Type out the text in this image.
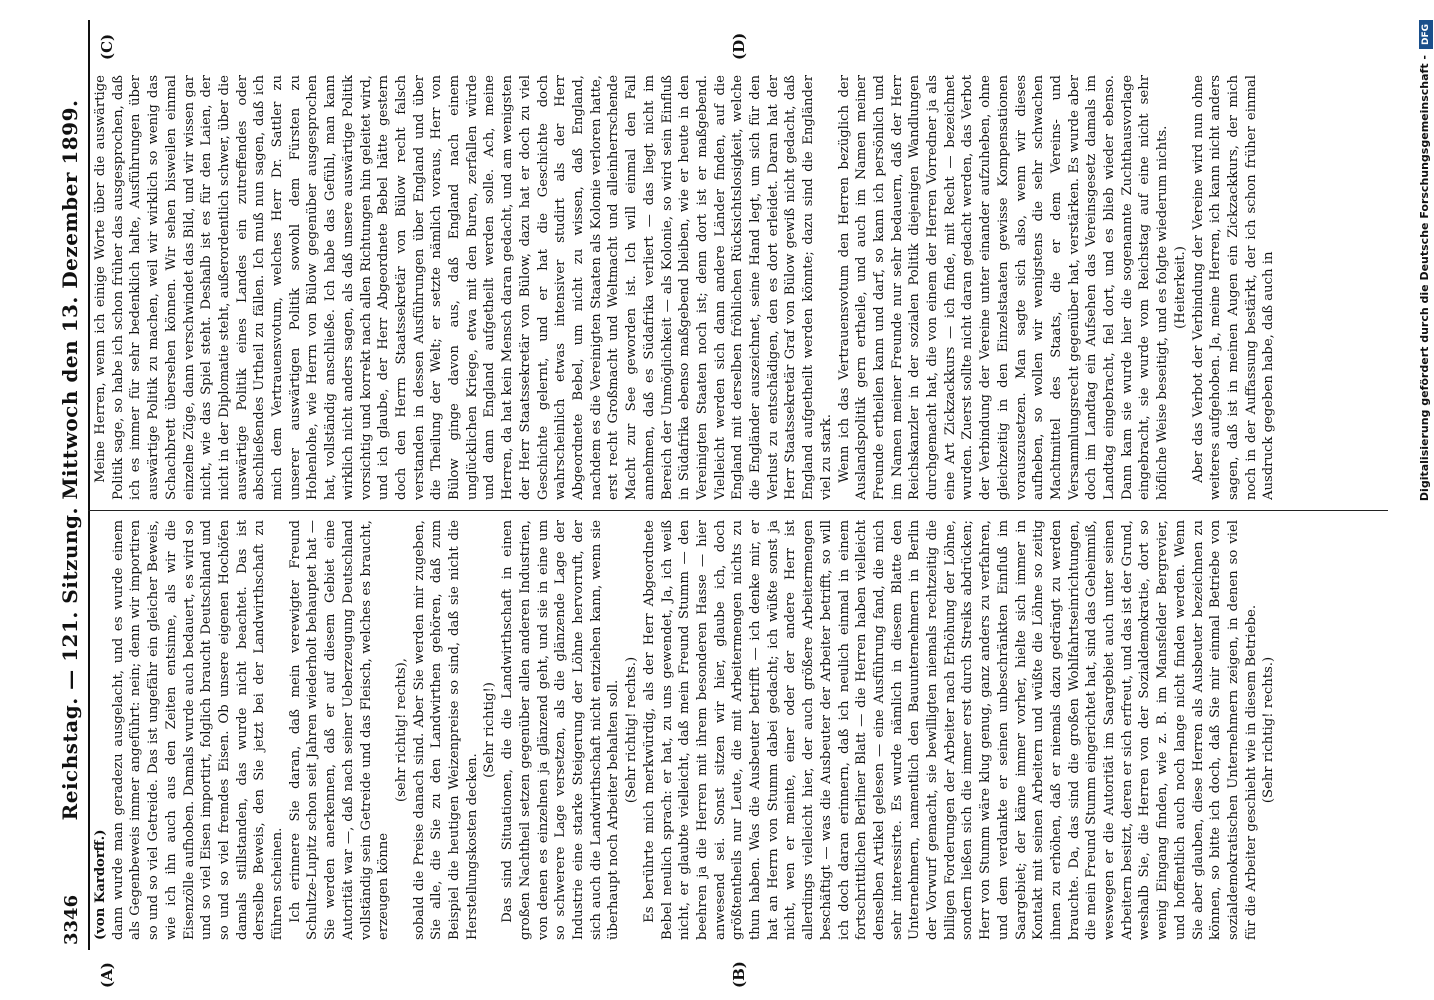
3346
Reichstag. — 121. Sitzung. Mittwoch den 13. Dezember 1899.
(A)	(B)
(C)	(D)

(von Kardorff.) dann wurde man geradezu ausgelacht, und es wurde einem als Gegenbeweis immer angeführt: nein; denn wir importiren so und so viel Getreide. Das ist ungefähr ein gleicher Beweis, wie ich ihn auch aus den Zeiten entsinne, als wir die Eisenzölle aufhoben. Damals wurde auch bedauert, es wird so und so viel Eisen importirt, folglich braucht Deutschland und so und so viel fremdes Eisen. Ob unsere eigenen Hochöfen damals stillstanden, das wurde nicht beachtet. Das ist derselbe Beweis, den Sie jetzt bei der Landwirthschaft zu führen scheinen. Ich erinnere Sie daran, daß mein verewigter Freund Schultze-Lupitz schon seit Jahren wiederholt behauptet hat — Sie werden anerkennen, daß er auf diesem Gebiet eine Autorität war —, daß nach seiner Ueberzeugung Deutschland vollständig sein Getreide und das Fleisch, welches es braucht, erzeugen könne

(sehr richtig! rechts), sobald die Preise danach sind. Aber Sie werden mir zugeben, Sie alle, die Sie zu den Landwirthen gehören, daß zum Beispiel die heutigen Weizenpreise so sind, daß sie nicht die Herstellungskosten decken.

(Sehr richtig!) Das sind Situationen, die die Landwirthschaft in einen großen Nachtheil setzen gegenüber allen anderen Industrien, von denen es einzelnen ja glänzend geht, und sie in eine um so schwerere Lage versetzen, als die glänzende Lage der Industrie eine starke Steigerung der Löhne hervorruft, der sich auch die Landwirthschaft nicht entziehen kann, wenn sie überhaupt noch Arbeiter behalten soll. (Sehr richtig! rechts.) Es berührte mich merkwürdig, als der Herr Abgeordnete Bebel neulich sprach: er hat, zu uns gewendet, Ja, ich weiß nicht, er glaubte vielleicht, daß mein Freund Stumm — den beehren ja die Herren mit ihrem besonderen Hasse — hier anwesend sei. Sonst sitzen wir hier, glaube ich, doch größtentheils nur Leute, die mit Arbeitermengen nichts zu thun haben. Was die Ausbeuter betrifft — ich denke mir, er hat an Herrn von Stumm dabei gedacht; ich wüßte sonst ja nicht, wen er meinte, einer oder der andere Herr ist allerdings vielleicht hier, der auch größere Arbeitermengen beschäftigt — was die Ausbeuter der Arbeiter betrifft, so will ich doch daran erinnern, daß ich neulich einmal in einem fortschrittlichen Berliner Blatt — die Herren haben vielleicht denselben Artikel gelesen — eine Ausführung fand, die mich sehr interessirte. Es wurde nämlich in diesem Blatte den Unternehmern, namentlich den Bauunternehmern in Berlin der Vorwurf gemacht, sie bewilligten niemals rechtzeitig die billigen Forderungen der Arbeiter nach Erhöhung der Löhne, sondern ließen sich die immer erst durch Streiks abdrücken; Herr von Stumm wäre klug genug, ganz anders zu verfahren, und dem verdankte er seinen unbeschränkten Einfluß im Saargebiet; der käme immer vorher, hielte sich immer in Kontakt mit seinen Arbeitern und wüßte die Löhne so zeitig ihnen zu erhöhen, daß er niemals dazu gedrängt zu werden brauchte. Da, das sind die großen Wohlfahrtseinrichtungen, die mein Freund Stumm eingerichtet hat, sind das Geheimniß, weswegen er die Autorität im Saargebiet auch unter seinen Arbeitern besitzt, deren er sich erfreut, und das ist der Grund, weshalb Sie, die Herren von der Sozialdemokratie, dort so wenig Eingang finden, wie z. B. im Mansfelder Bergrevier, und hoffentlich auch noch lange nicht finden werden. Wenn Sie aber glauben, diese Herren als Ausbeuter bezeichnen zu können, so bitte ich doch, daß Sie mir einmal Betriebe von sozialdemokratischen Unternehmern zeigen, in denen so viel für die Arbeiter geschieht wie in diesem Betriebe. (Sehr richtig! rechts.)

Meine Herren, wenn ich einige Worte über die auswärtige Politik sage, so habe ich schon früher das ausgesprochen, daß ich es immer für sehr bedenklich halte, Ausführungen über auswärtige Politik zu machen, weil wir wirklich so wenig das Schachbrett übersehen können. Wir sehen bisweilen einmal einzelne Züge, dann verschwindet das Bild, und wir wissen gar nicht, wie das Spiel steht. Deshalb ist es für den Laien, der nicht in der Diplomatie steht, außerordentlich schwer, über die auswärtige Politik eines Landes ein zutreffendes oder abschließendes Urtheil zu fällen. Ich muß nun sagen, daß ich mich dem Vertrauensvotum, welches Herr Dr. Sattler zu unserer auswärtigen Politik sowohl dem Fürsten zu Hohenlohe, wie Herrn von Bülow gegenüber ausgesprochen hat, vollständig anschließe. Ich habe das Gefühl, man kann wirklich nicht anders sagen, als daß unsere auswärtige Politik vorsichtig und korrekt nach allen Richtungen hin geleitet wird, und ich glaube, der Herr Abgeordnete Bebel hätte gestern doch den Herrn Staatssekretär von Bülow recht falsch verstanden in dessen Ausführungen über England und über die Theilung der Welt; er setzte nämlich voraus, Herr von Bülow ginge davon aus, daß England nach einem unglücklichen Kriege, etwa mit den Buren, zerfallen würde und dann England aufgetheilt werden solle. Ach, meine Herren, da hat kein Mensch daran gedacht, und am wenigsten der Herr Staatssekretär von Bülow, dazu hat er doch zu viel Geschichte gelernt, und er hat die Geschichte doch wahrscheinlich etwas intensiver studirt als der Herr Abgeordnete Bebel, um nicht zu wissen, daß England, nachdem es die Vereinigten Staaten als Kolonie verloren hatte, erst recht Großmacht und Weltmacht und alleinherrschende Macht zur See geworden ist. Ich will einmal den Fall annehmen, daß es Südafrika verliert — das liegt nicht im Bereich der Unmöglichkeit — als Kolonie, so wird sein Einfluß in Südafrika ebenso maßgebend bleiben, wie er heute in den Vereinigten Staaten noch ist; denn dort ist er maßgebend. Vielleicht werden sich dann andere Länder finden, auf die England mit derselben fröhlichen Rücksichtslosigkeit, welche die Engländer auszeichnet, seine Hand legt, um sich für den Verlust zu entschädigen, den es dort erleidet. Daran hat der Herr Staatssekretär Graf von Bülow gewiß nicht gedacht, daß England aufgetheilt werden könnte; dazu sind die Engländer viel zu stark. Wenn ich das Vertrauensvotum den Herren bezüglich der Auslandspolitik gern ertheile, und auch im Namen meiner Freunde ertheilen kann und darf, so kann ich persönlich und im Namen meiner Freunde nur sehr bedauern, daß der Herr Reichskanzler in der sozialen Politik diejenigen Wandlungen durchgemacht hat, die von einem der Herren Vorredner ja als eine Art Zickzackkurs — ich finde, mit Recht — bezeichnet wurden. Zuerst sollte nicht daran gedacht werden, das Verbot der Verbindung der Vereine unter einander aufzuheben, ohne gleichzeitig in den Einzelstaaten gewisse Kompensationen vorauszusetzen. Man sagte sich also, wenn wir dieses aufheben, so wollen wir wenigstens die sehr schwachen Machtmittel des Staats, die er dem Vereins- und Versammlungsrecht gegenüber hat, verstärken. Es wurde aber doch im Landtag ein Aufsehen das Vereinsgesetz damals im Landtag eingebracht, fiel dort, und es blieb wieder ebenso. Dann kam sie wurde hier die sogenannte Zuchthausvorlage eingebracht, sie wurde vom Reichstag auf eine nicht sehr höfliche Weise beseitigt, und es folgte wiederum nichts. (Heiterkeit.) Aber das Verbot der Verbindung der Vereine wird nun ohne weiteres aufgehoben. Ja, meine Herren, ich kann nicht anders sagen, daß ist in meinen Augen ein Zickzackkurs, der mich noch in der Auffassung bestärkt, der ich schon früher einmal Ausdruck gegeben habe, daß auch in	Digitalisierung gefördert durch die Deutsche Forschungsgemeinschaft -DFG
